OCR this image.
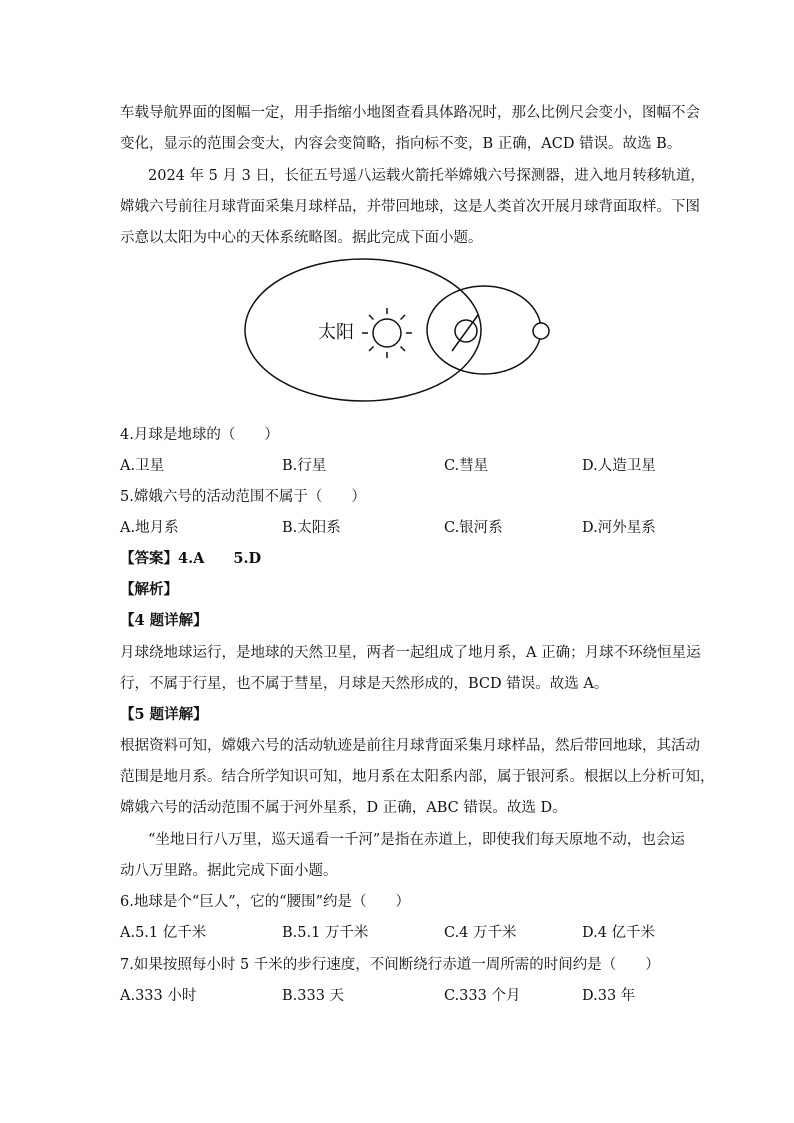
车载导航界面的图幅一定，用手指缩小地图查看具体路况时，那么比例尺会变小，图幅不会
变化，显示的范围会变大，内容会变简略，指向标不变，B 正确，ACD 错误。故选 B。
2024 年 5 月 3 日，长征五号遥八运载火箭托举嫦娥六号探测器，进入地月转移轨道，
嫦娥六号前往月球背面采集月球样品，并带回地球，这是人类首次开展月球背面取样。下图
示意以太阳为中心的天体系统略图。据此完成下面小题。
太阳
4.月球是地球的（　　）
A.卫星	B.行星	C.彗星	D.人造卫星
5.嫦娥六号的活动范围不属于（　　）
A.地月系	B.太阳系	C.银河系	D.河外星系
【答案】4.A　　5.D
【解析】
【4 题详解】
月球绕地球运行，是地球的天然卫星，两者一起组成了地月系，A 正确；月球不环绕恒星运
行，不属于行星，也不属于彗星，月球是天然形成的，BCD 错误。故选 A。
【5 题详解】
根据资料可知，嫦娥六号的活动轨迹是前往月球背面采集月球样品，然后带回地球，其活动
范围是地月系。结合所学知识可知，地月系在太阳系内部，属于银河系。根据以上分析可知，
嫦娥六号的活动范围不属于河外星系，D 正确，ABC 错误。故选 D。
“坐地日行八万里，巡天遥看一千河”是指在赤道上，即使我们每天原地不动，也会运
动八万里路。据此完成下面小题。
6.地球是个“巨人”，它的“腰围”约是（　　）
A.5.1 亿千米	B.5.1 万千米	C.4 万千米	D.4 亿千米
7.如果按照每小时 5 千米的步行速度，不间断绕行赤道一周所需的时间约是（　　）
A.333 小时	B.333 天	C.333 个月	D.33 年
